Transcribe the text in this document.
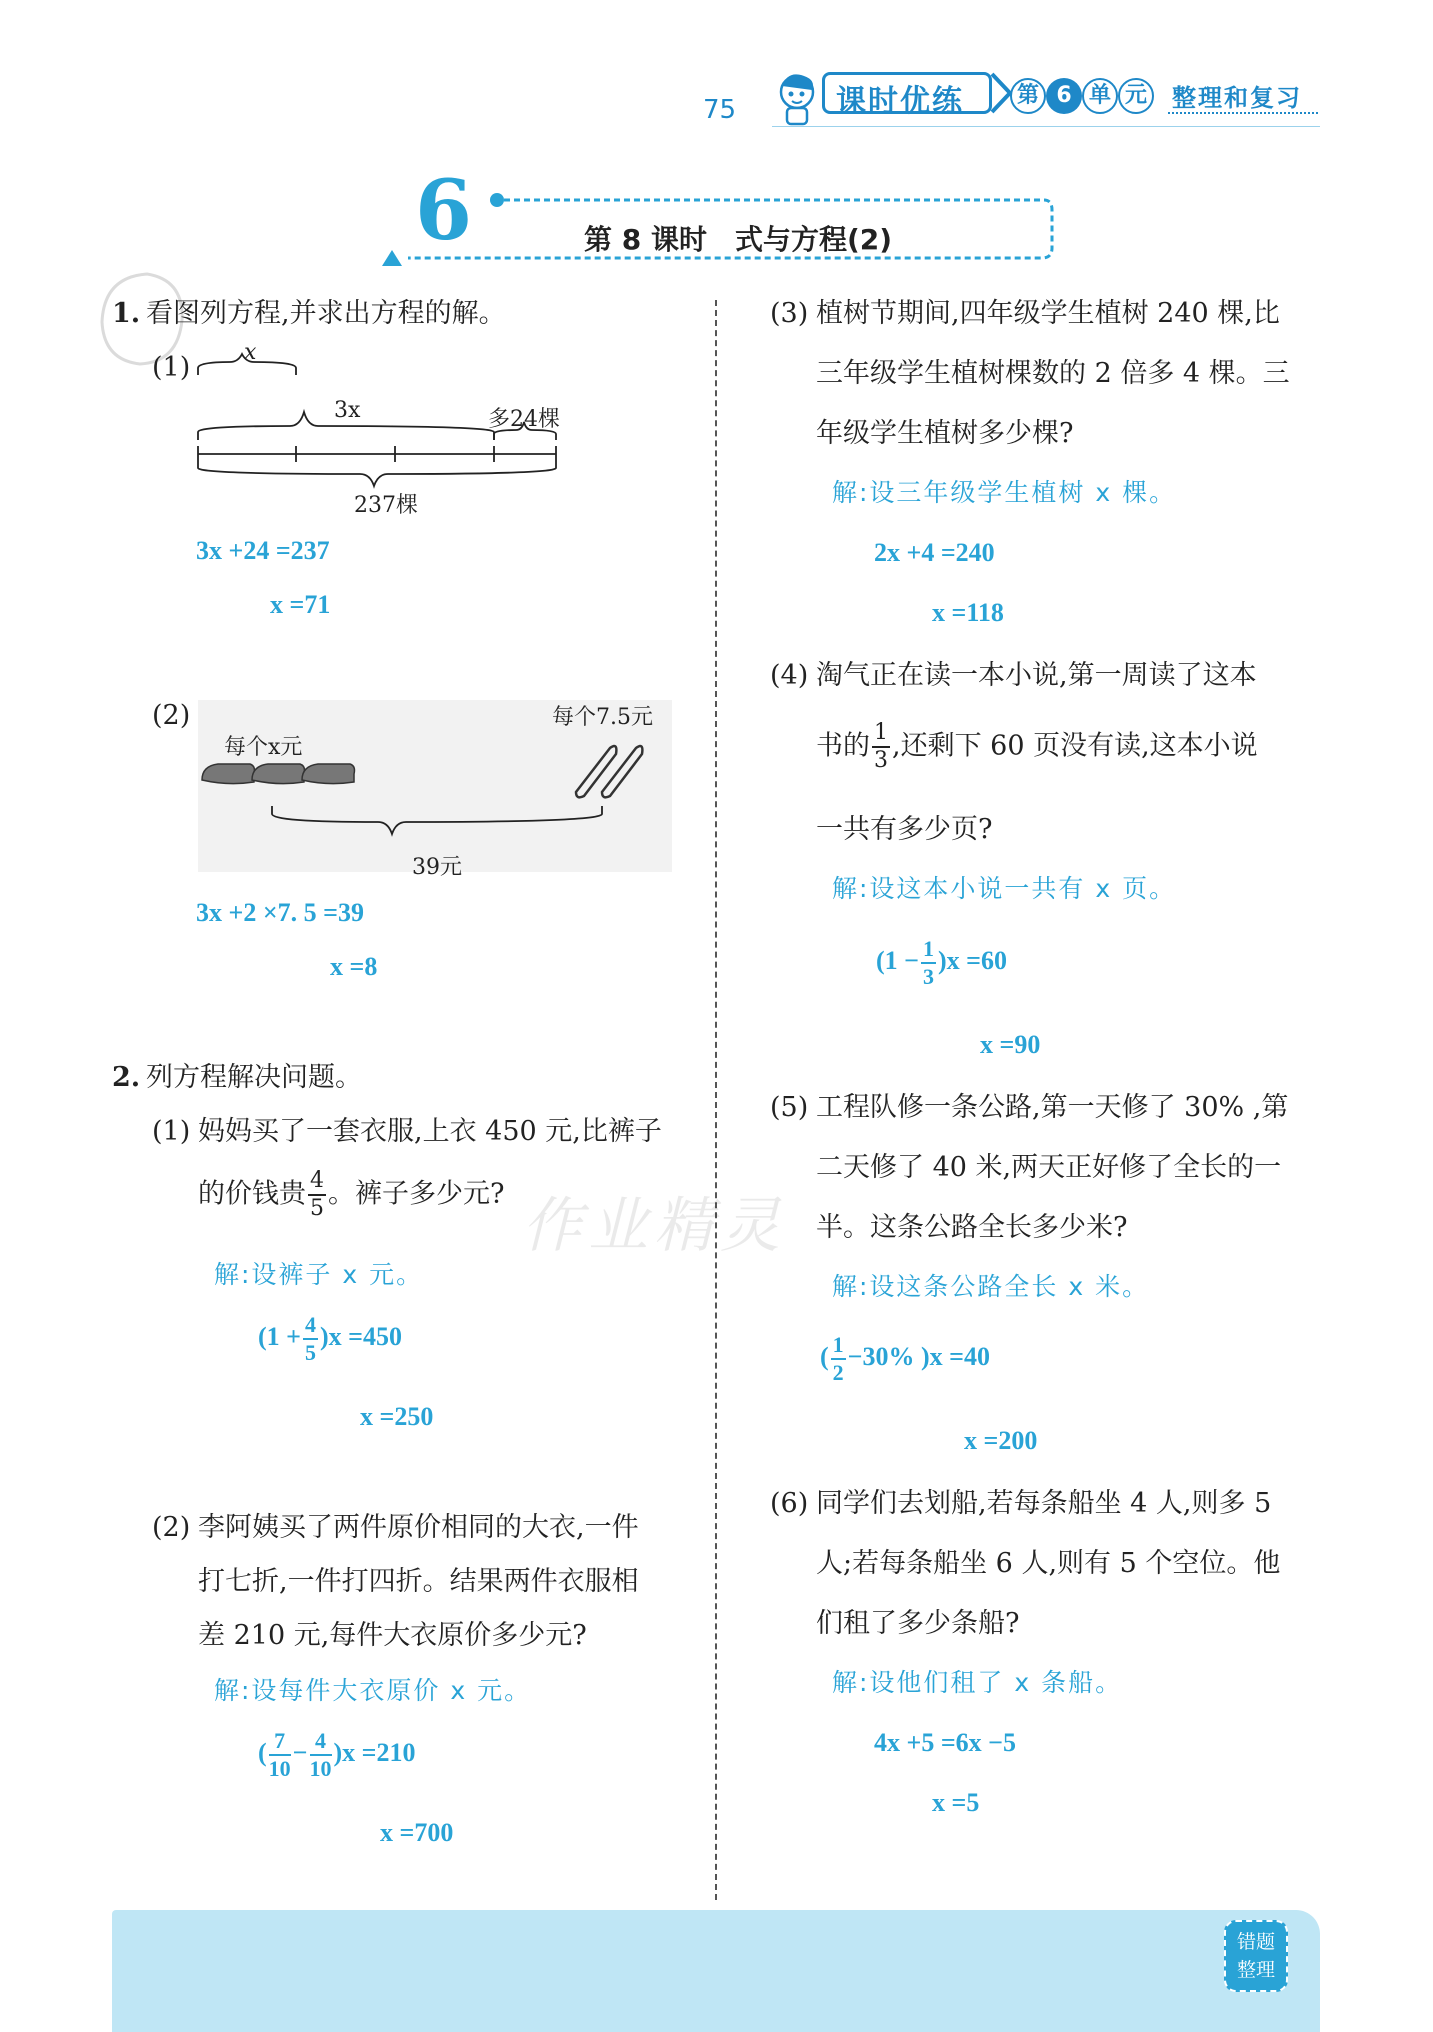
75	课时优练	第 6 单 元 整理和复习
6	第 8 课时　式与方程(2)
1. 看图列方程,并求出方程的解。
(1) x
3x	多24棵
237棵
3x +24 =237
x =71
(2)
每个x元
每个7.5元
39元
3x +2 ×7. 5 =39
x =8
2. 列方程解决问题。
(1) 妈妈买了一套衣服,上衣 450 元,比裤子
的价钱贵 $\frac{4}{5}$ 。裤子多少元?
解:设裤子 x 元。
$(1 + \frac{4}{5} )x =450$
x =250
作业精灵
(2) 李阿姨买了两件原价相同的大衣,一件
打七折,一件打四折。结果两件衣服相
差 210 元,每件大衣原价多少元?
解:设每件大衣原价 x 元。
( $\frac{7}{10} - \frac{4}{10} )x =210$
x =700
(3) 植树节期间,四年级学生植树 240 棵,比
三年级学生植树棵数的 2 倍多 4 棵。三
年级学生植树多少棵?
解:设三年级学生植树 x 棵。
2x +4 =240
x =118
(4) 淘气正在读一本小说,第一周读了这本
书的 $\frac{1}{3}$ ,还剩下 60 页没有读,这本小说
一共有多少页?
解:设这本小说一共有 x 页。
$(1 - \frac{1}{3} )x =60$
x =90
(5) 工程队修一条公路,第一天修了 30% ,第
二天修了 40 米,两天正好修了全长的一
半。这条公路全长多少米?
解:设这条公路全长 x 米。
( $\frac{1}{2} -30\%$ )x =40
x =200
(6) 同学们去划船,若每条船坐 4 人,则多 5
人;若每条船坐 6 人,则有 5 个空位。他
们租了多少条船?
解:设他们租了 x 条船。
4x +5 =6x −5
x =5
错题
整理
